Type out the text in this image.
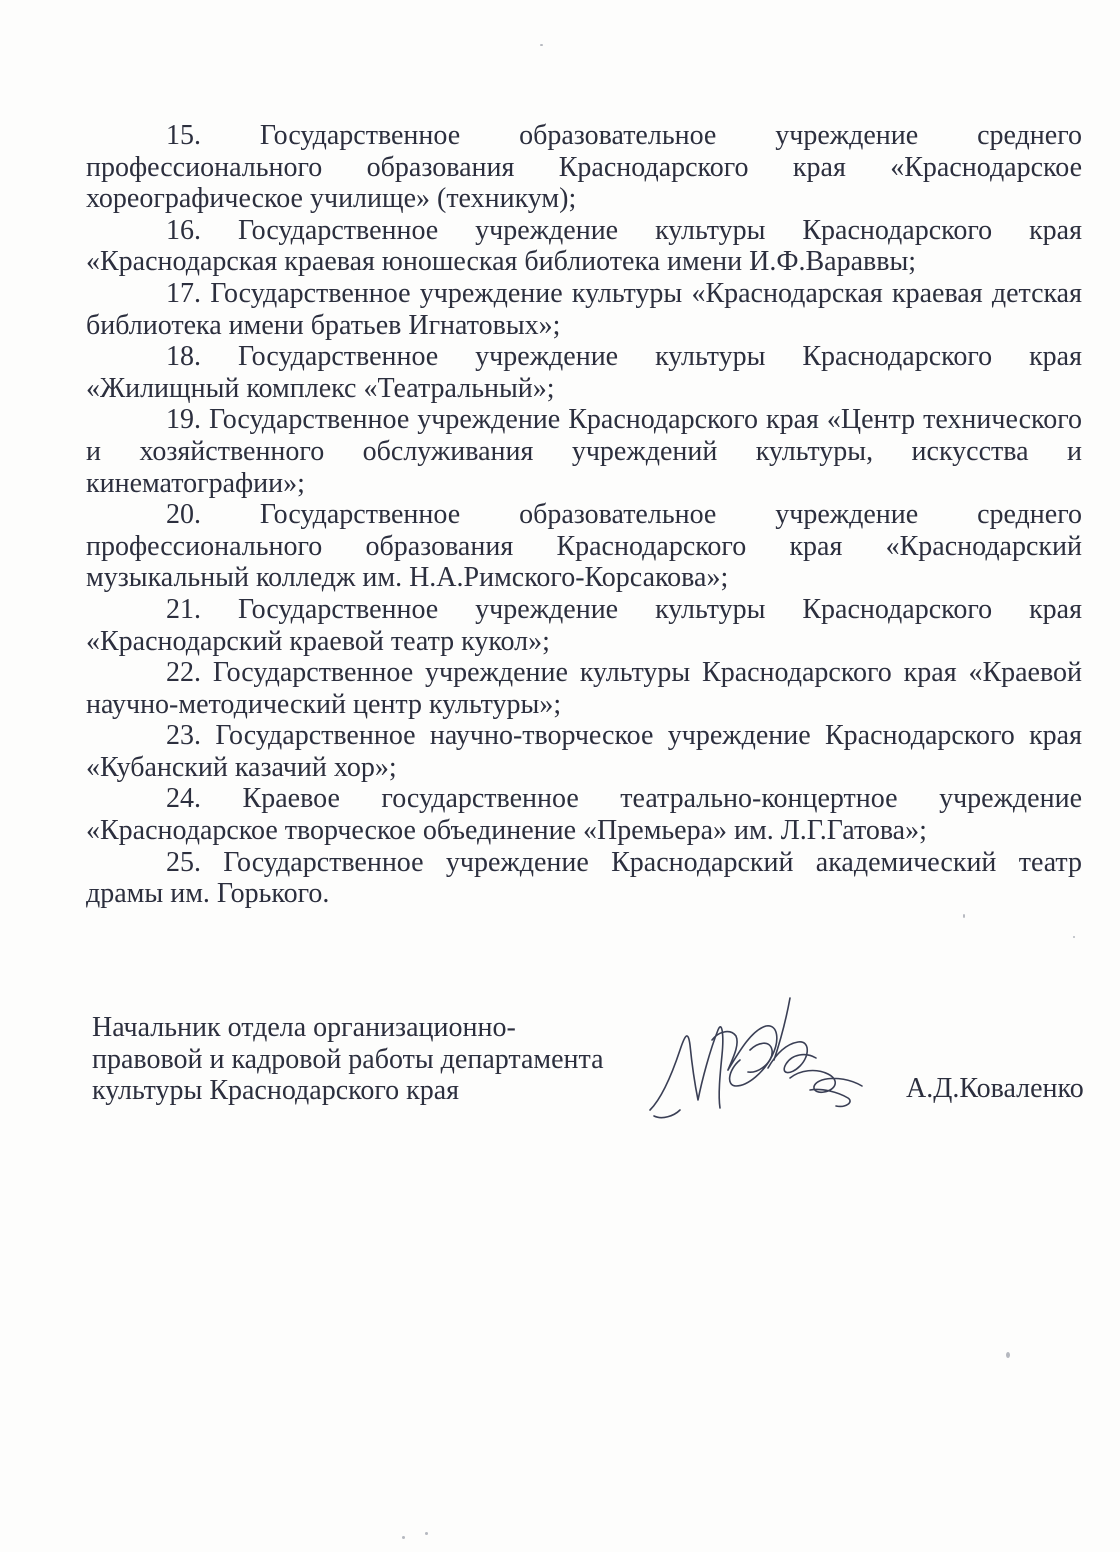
15. Государственное образовательное учреждение среднего профессионального образования Краснодарского края «Краснодарское хореографическое училище» (техникум);

16. Государственное учреждение культуры Краснодарского края «Краснодарская краевая юношеская библиотека имени И.Ф.Вараввы;

17. Государственное учреждение культуры «Краснодарская краевая детская библиотека имени братьев Игнатовых»;

18. Государственное учреждение культуры Краснодарского края «Жилищный комплекс «Театральный»;

19. Государственное учреждение Краснодарского края «Центр технического и хозяйственного обслуживания учреждений культуры, искусства и кинематографии»;

20. Государственное образовательное учреждение среднего профессионального образования Краснодарского края «Краснодарский музыкальный колледж им. Н.А.Римского-Корсакова»;

21. Государственное учреждение культуры Краснодарского края «Краснодарский краевой театр кукол»;

22. Государственное учреждение культуры Краснодарского края «Краевой научно-методический центр культуры»;

23. Государственное научно-творческое учреждение Краснодарского края «Кубанский казачий хор»;

24. Краевое государственное театрально-концертное учреждение «Краснодарское творческое объединение «Премьера» им. Л.Г.Гатова»;

25. Государственное учреждение Краснодарский академический театр драмы им. Горького.

Начальник отдела организационно-
правовой и кадровой работы департамента
культуры Краснодарского края	А.Д.Коваленко
